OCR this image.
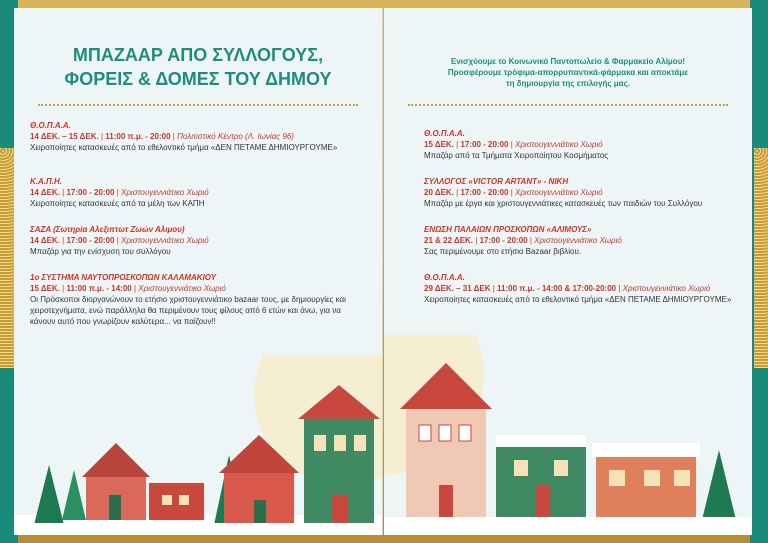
ΜΠΑΖΑΑΡ ΑΠΟ ΣΥΛΛΟΓΟΥΣ,
ΦΟΡΕΙΣ & ΔΟΜΕΣ ΤΟΥ ΔΗΜΟΥ
Θ.Ο.Π.Α.Α.
14 ΔΕΚ. – 15 ΔΕΚ. | 11:00 π.μ. - 20:00 | Πολιτιστικό Κέντρο (Λ. Ιωνίας 96)
Χειροποίητες κατασκευές από το εθελοντικό τμήμα «ΔΕΝ ΠΕΤΑΜΕ ΔΗΜΙΟΥΡΓΟΥΜΕ»
Κ.Α.Π.Η.
14 ΔΕΚ. | 17:00 - 20:00 | Χριστουγεννιάτικο Χωριό
Χειροποίητες κατασκευές από τα μέλη των ΚΑΠΗ
ΣΑΖΑ (Σωτηρία Αλεξιπτωτ Ζωών Αλιμου)
14 ΔΕΚ. | 17:00 - 20:00 | Χριστουγεννιάτικο Χωριό
Μπαζάρ για την ενίσχυση του συλλόγου
1ο ΣΥΣΤΗΜΑ ΝΑΥΤΟΠΡΟΣΚΟΠΩΝ ΚΑΛΑΜΑΚΙΟΥ
15 ΔΕΚ. | 11:00 π.μ. - 14:00 | Χριστουγεννιάτικο Χωριό
Οι Πρόσκοποι διοργανώνουν το ετήσιο χριστουγεννιάτικο bazaar τους, με δημιουργίες και χειροτεχνήματα, ενώ παράλληλα θα περιμένουν τους φίλους από 6 ετών και άνω, για να κάνουν αυτό που γνωρίζουν καλύτερα... να παίζουν!!
Ενισχύουμε το Κοινωνικό Παντοπωλείο & Φαρμακείο Αλίμου!
Προσφέρουμε τρόφιμα-απορρυπαντικά-φάρμακα και αποκτάμε
τη δημιουργία της επιλογής μας.
Θ.Ο.Π.Α.Α.
15 ΔΕΚ. | 17:00 - 20:00 | Χριστουγεννιάτικο Χωριό
Μπαζάρ από τα Τμήματα Χειροποίητου Κοσμήματος
ΣΥΛΛΟΓΟΣ «VICTOR ARTANT» - ΝΙΚΗ
20 ΔΕΚ. | 17:00 - 20:00 | Χριστουγεννιάτικο Χωριό
Μπαζάρ με έργα και χριστουγεννιάτικες κατασκευές των παιδιών του Συλλόγου
ΕΝΩΣΗ ΠΑΛΑΙΩΝ ΠΡΟΣΚΟΠΩΝ «ΑΛΙΜΟΥΣ»
21 & 22 ΔΕΚ. | 17:00 - 20:00 | Χριστουγεννιάτικο Χωριό
Σας περιμένουμε στο ετήσιο Bazaar βιβλίου.
Θ.Ο.Π.Α.Α.
29 ΔΕΚ. – 31 ΔΕΚ | 11:00 π.μ. - 14:00 & 17:00-20:00 | Χριστουγεννιάτικο Χωριό
Χειροποίητες κατασκευές από το εθελοντικό τμήμα «ΔΕΝ ΠΕΤΑΜΕ ΔΗΜΙΟΥΡΓΟΥΜΕ»
